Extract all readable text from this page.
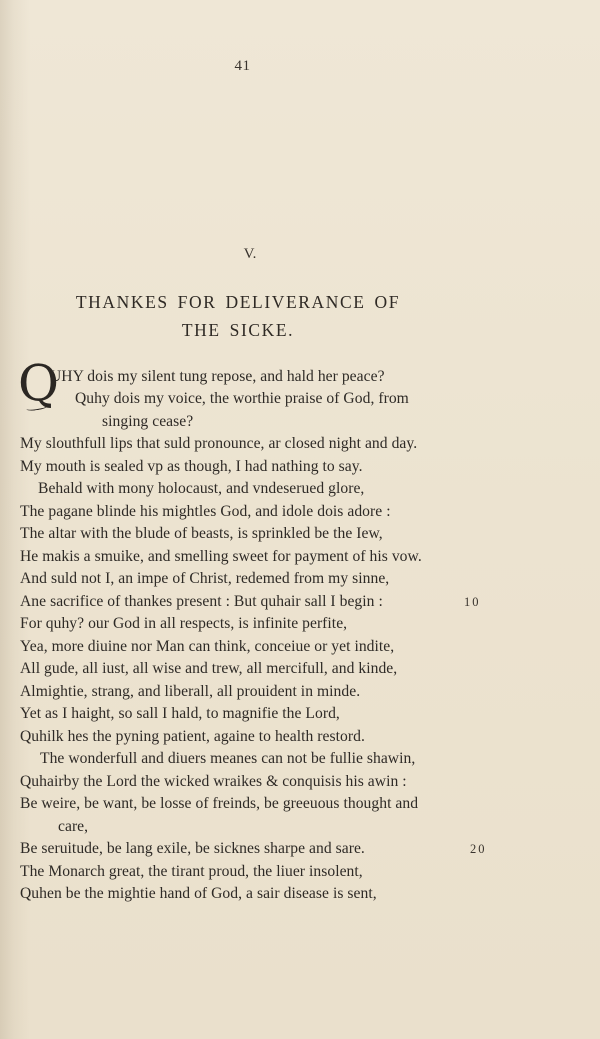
41
V.
THANKES FOR DELIVERANCE OF
THE SICKE.
Q
UHY dois my silent tung repose, and hald her peace?
Quhy dois my voice, the worthie praise of God, from
singing cease?
My slouthfull lips that suld pronounce, ar closed night and day.
My mouth is sealed vp as though, I had nathing to say.
Behald with mony holocaust, and vndeserued glore,
The pagane blinde his mightles God, and idole dois adore :
The altar with the blude of beasts, is sprinkled be the Iew,
He makis a smuike, and smelling sweet for payment of his vow.
And suld not I, an impe of Christ, redemed from my sinne,
Ane sacrifice of thankes present : But quhair sall I begin :
For quhy? our God in all respects, is infinite perfite,
Yea, more diuine nor Man can think, conceiue or yet indite,
All gude, all iust, all wise and trew, all mercifull, and kinde,
Almightie, strang, and liberall, all prouident in minde.
Yet as I haight, so sall I hald, to magnifie the Lord,
Quhilk hes the pyning patient, againe to health restord.
The wonderfull and diuers meanes can not be fullie shawin,
Quhairby the Lord the wicked wraikes & conquisis his awin :
Be weire, be want, be losse of freinds, be greeuous thought and
care,
Be seruitude, be lang exile, be sicknes sharpe and sare.
The Monarch great, the tirant proud, the liuer insolent,
Quhen be the mightie hand of God, a sair disease is sent,
10
20
